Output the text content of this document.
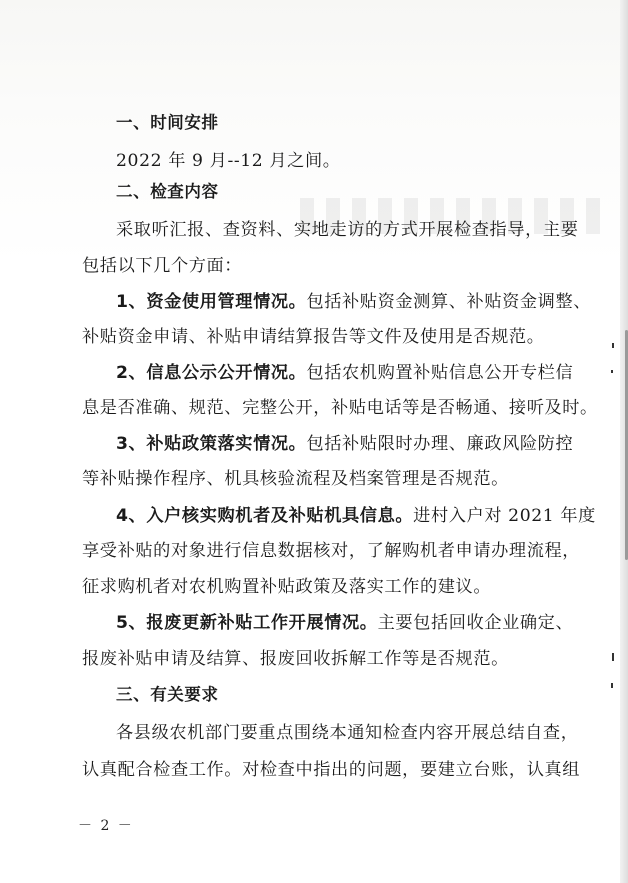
一、时间安排
2022 年 9 月--12 月之间。
二、检查内容
采取听汇报、查资料、实地走访的方式开展检查指导，主要
包括以下几个方面：
1、资金使用管理情况。包括补贴资金测算、补贴资金调整、
补贴资金申请、补贴申请结算报告等文件及使用是否规范。
2、信息公示公开情况。包括农机购置补贴信息公开专栏信
息是否准确、规范、完整公开，补贴电话等是否畅通、接听及时。
3、补贴政策落实情况。包括补贴限时办理、廉政风险防控
等补贴操作程序、机具核验流程及档案管理是否规范。
4、入户核实购机者及补贴机具信息。进村入户对 2021 年度
享受补贴的对象进行信息数据核对，了解购机者申请办理流程，
征求购机者对农机购置补贴政策及落实工作的建议。
5、报废更新补贴工作开展情况。主要包括回收企业确定、
报废补贴申请及结算、报废回收拆解工作等是否规范。
三、有关要求
各县级农机部门要重点围绕本通知检查内容开展总结自查，
认真配合检查工作。对检查中指出的问题，要建立台账，认真组
－ 2 －
